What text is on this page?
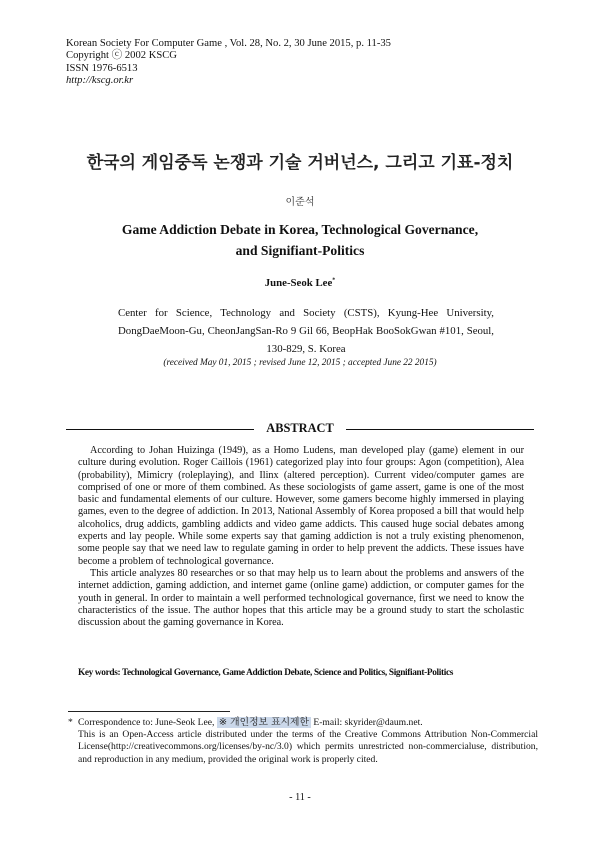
Korean Society For Computer Game , Vol. 28, No. 2, 30 June 2015, p. 11-35
Copyright ⓒ 2002 KSCG
ISSN 1976-6513
http://kscg.or.kr
한국의 게임중독 논쟁과 기술 거버넌스, 그리고 기표-정치
이준석
Game Addiction Debate in Korea, Technological Governance,
and Signifiant-Politics
June-Seok Lee*
Center for Science, Technology and Society (CSTS), Kyung-Hee University, DongDaeMoon-Gu, CheonJangSan-Ro 9 Gil 66, BeopHak BooSokGwan #101, Seoul, 130-829, S. Korea
(received May 01, 2015 ; revised June 12, 2015 ; accepted June 22 2015)
ABSTRACT

According to Johan Huizinga (1949), as a Homo Ludens, man developed play (game) element in our culture during evolution. Roger Caillois (1961) categorized play into four groups: Agon (competition), Alea (probability), Mimicry (roleplaying), and Ilinx (altered perception). Current video/computer games are comprised of one or more of them combined. As these sociologists of game assert, game is one of the most basic and fundamental elements of our culture. However, some gamers become highly immersed in playing games, even to the degree of addiction. In 2013, National Assembly of Korea proposed a bill that would help alcoholics, drug addicts, gambling addicts and video game addicts. This caused huge social debates among experts and lay people. While some experts say that gaming addiction is not a truly existing phenomenon, some people say that we need law to regulate gaming in order to help prevent the addicts. These issues have become a problem of technological governance.

This article analyzes 80 researches or so that may help us to learn about the problems and answers of the internet addiction, gaming addiction, and internet game (online game) addiction, or computer games for the youth in general. In order to maintain a well performed technological governance, first we need to know the characteristics of the issue. The author hopes that this article may be a ground study to start the scholastic discussion about the gaming governance in Korea.

Key words: Technological Governance, Game Addiction Debate, Science and Politics, Signifiant-Politics
* Correspondence to: June-Seok Lee, ※ 개인정보 표시제한 E-mail: skyrider@daum.net.
This is an Open-Access article distributed under the terms of the Creative Commons Attribution Non-Commercial License(http://creativecommons.org/licenses/by-nc/3.0) which permits unrestricted non-commercialuse, distribution, and reproduction in any medium, provided the original work is properly cited.
- 11 -
